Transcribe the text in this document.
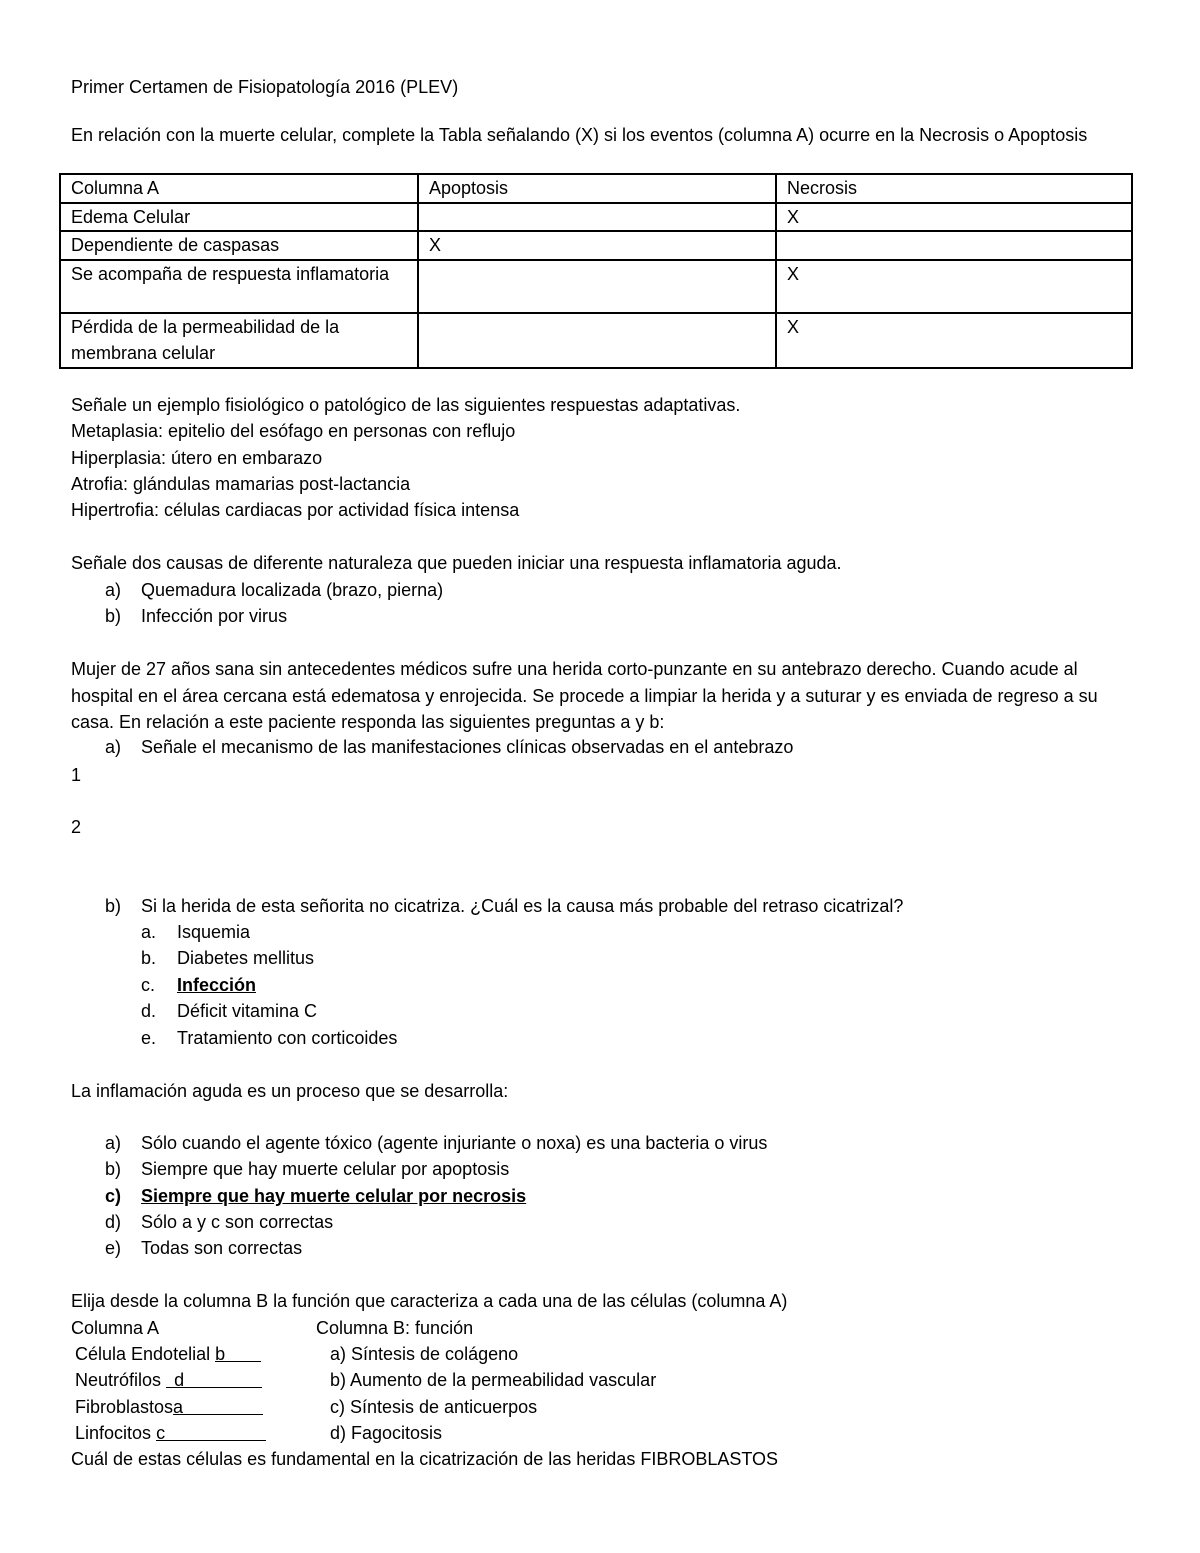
Primer Certamen de Fisiopatología 2016 (PLEV)
En relación con la muerte celular, complete la Tabla señalando (X) si los eventos (columna A) ocurre en la Necrosis o Apoptosis
Columna A	Apoptosis	Necrosis
Edema Celular		X
Dependiente de caspasas	X	
Se acompaña de respuesta inflamatoria		X
Pérdida de la permeabilidad de la membrana celular		X
Señale un ejemplo fisiológico o patológico de las siguientes respuestas adaptativas.
Metaplasia: epitelio del esófago en personas con reflujo
Hiperplasia: útero en embarazo
Atrofia: glándulas mamarias post-lactancia
Hipertrofia: células cardiacas por actividad física intensa
Señale dos causas de diferente naturaleza que pueden iniciar una respuesta inflamatoria aguda.
a) Quemadura localizada (brazo, pierna)
b) Infección por virus
Mujer de 27 años sana sin antecedentes médicos sufre una herida corto-punzante en su antebrazo derecho. Cuando acude al hospital en el área cercana está edematosa y enrojecida. Se procede a limpiar la herida y a suturar y es enviada de regreso a su casa. En relación a este paciente responda las siguientes preguntas a y b:
a) Señale el mecanismo de las manifestaciones clínicas observadas en el antebrazo
1
2
b) Si la herida de esta señorita no cicatriza. ¿Cuál es la causa más probable del retraso cicatrizal?
a. Isquemia
b. Diabetes mellitus
c. Infección
d. Déficit vitamina C
e. Tratamiento con corticoides
La inflamación aguda es un proceso que se desarrolla:
a) Sólo cuando el agente tóxico (agente injuriante o noxa) es una bacteria o virus
b) Siempre que hay muerte celular por apoptosis
c) Siempre que hay muerte celular por necrosis
d) Sólo a y c son correctas
e) Todas son correctas
Elija desde la columna B la función que caracteriza a cada una de las células (columna A)
Columna A	Columna B: función
Célula Endotelial b	a) Síntesis de colágeno
Neutrófilos d	b) Aumento de la permeabilidad vascular
Fibroblastosa	c) Síntesis de anticuerpos
Linfocitos c	d) Fagocitosis
Cuál de estas células es fundamental en la cicatrización de las heridas FIBROBLASTOS
